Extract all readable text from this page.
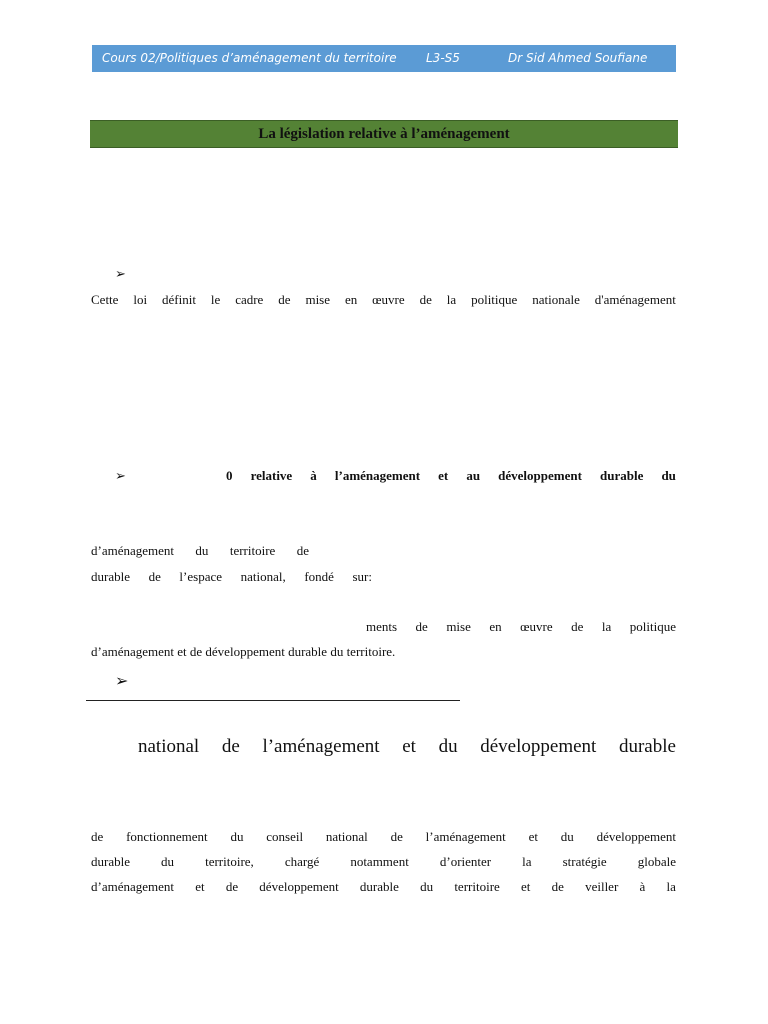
Cours 02/Politiques d’aménagement du territoire L3-S5	Dr Sid Ahmed Soufiane
La législation relative à l’aménagement
➢
Cette loi définit le cadre de mise en œuvre de la politique nationale d'aménagement
➢	0 relative à l’aménagement et au développement durable du
d’aménagement du territoire de
durable de l’espace national, fondé sur:
ments de mise en œuvre de la politique
d’aménagement et de développement durable du territoire.
➢
national de l’aménagement et du développement durable
de fonctionnement du conseil national de l’aménagement et du développement
durable du territoire, chargé notamment d’orienter la stratégie globale
d’aménagement et de développement durable du territoire et de veiller à la
